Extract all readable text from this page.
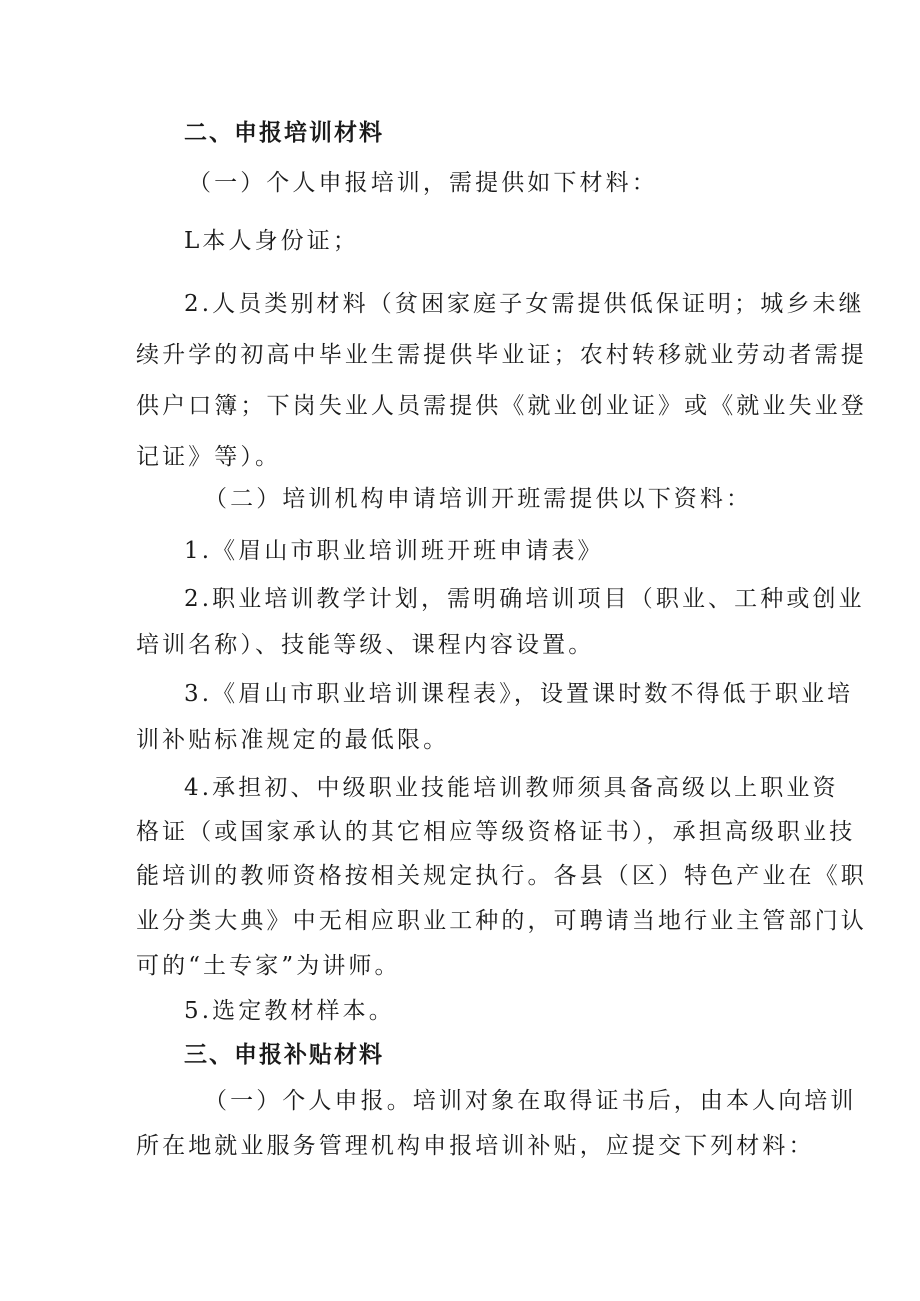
二、申报培训材料
（一）个人申报培训，需提供如下材料：
L本人身份证；
2.人员类别材料（贫困家庭子女需提供低保证明；城乡未继
续升学的初高中毕业生需提供毕业证；农村转移就业劳动者需提
供户口簿；下岗失业人员需提供《就业创业证》或《就业失业登
记证》等）。
（二）培训机构申请培训开班需提供以下资料：
1.《眉山市职业培训班开班申请表》
2.职业培训教学计划，需明确培训项目（职业、工种或创业
培训名称）、技能等级、课程内容设置。
3.《眉山市职业培训课程表》，设置课时数不得低于职业培
训补贴标准规定的最低限。
4.承担初、中级职业技能培训教师须具备高级以上职业资
格证（或国家承认的其它相应等级资格证书），承担高级职业技
能培训的教师资格按相关规定执行。各县（区）特色产业在《职
业分类大典》中无相应职业工种的，可聘请当地行业主管部门认
可的“土专家”为讲师。
5.选定教材样本。
三、申报补贴材料
（一）个人申报。培训对象在取得证书后，由本人向培训
所在地就业服务管理机构申报培训补贴，应提交下列材料：
